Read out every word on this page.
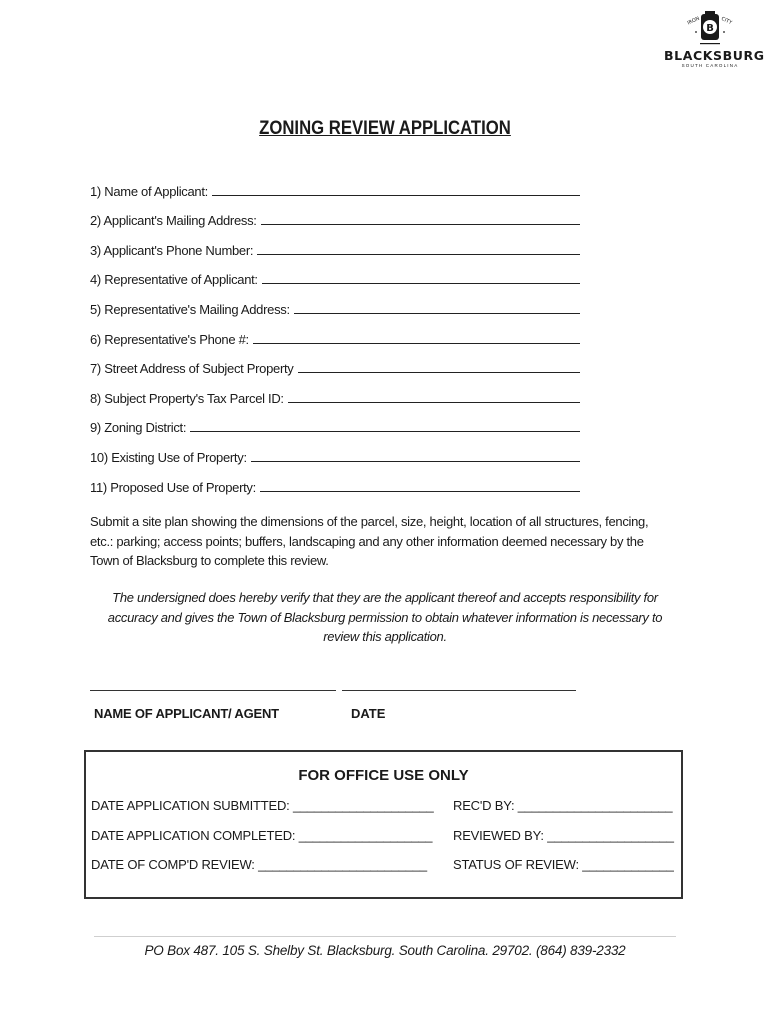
B
IRON	CITY
BLACKSBURG
SOUTH CAROLINA
ZONING REVIEW APPLICATION
1) Name of Applicant:
2) Applicant's Mailing Address:
3) Applicant's Phone Number:
4) Representative of Applicant:
5) Representative's Mailing Address:
6) Representative's Phone #:
7) Street Address of Subject Property
8) Subject Property's Tax Parcel ID:
9) Zoning District:
10) Existing Use of Property:
11) Proposed Use of Property:
Submit a site plan showing the dimensions of the parcel, size, height, location of all structures, fencing, etc.: parking; access points; buffers, landscaping and any other information deemed necessary by the Town of Blacksburg to complete this review.
The undersigned does hereby verify that they are the applicant thereof and accepts responsibility for accuracy and gives the Town of Blacksburg permission to obtain whatever information is necessary to review this application.
NAME OF APPLICANT/ AGENT	DATE
FOR OFFICE USE ONLY
DATE APPLICATION SUBMITTED: ____________________ REC'D BY: ______________________
DATE APPLICATION COMPLETED: ___________________ REVIEWED BY: __________________
DATE OF COMP'D REVIEW: ________________________ STATUS OF REVIEW: _____________
PO Box 487. 105 S. Shelby St. Blacksburg. South Carolina. 29702. (864) 839-2332
